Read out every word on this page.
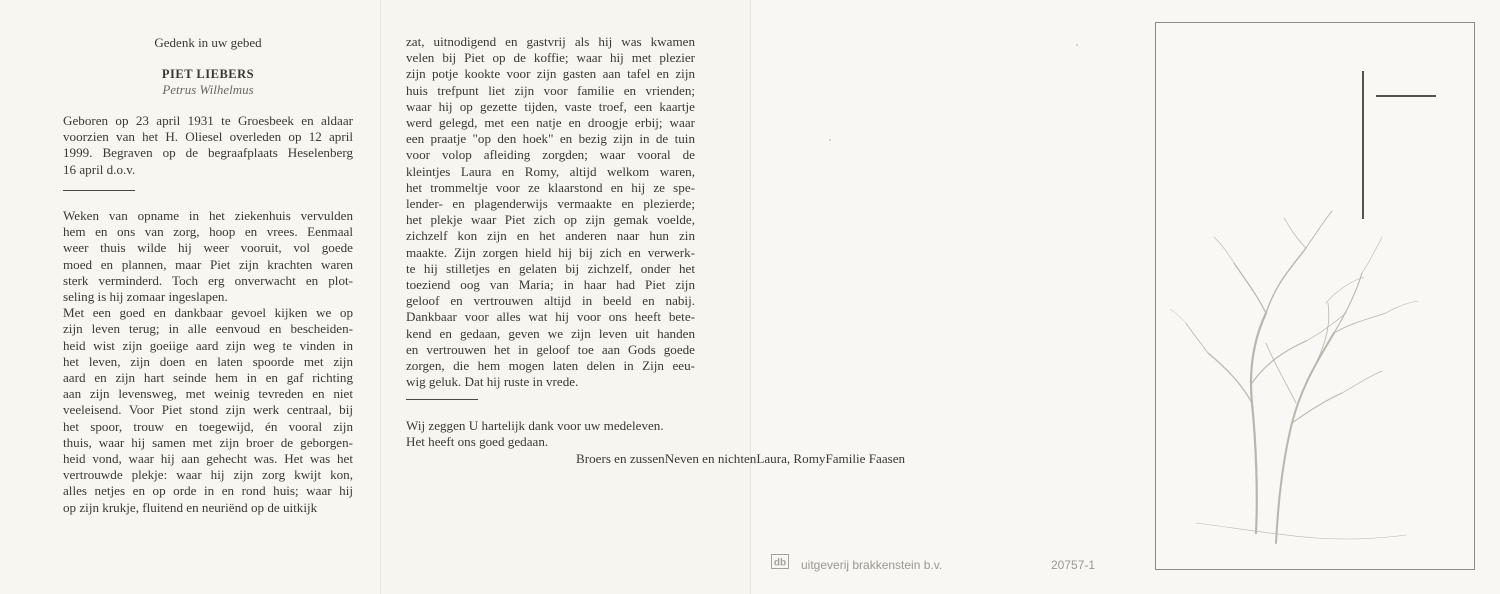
Gedenk in uw gebed
PIET LIEBERS
Petrus Wilhelmus
Geboren op 23 april 1931 te Groesbeek en aldaar
voorzien van het H. Oliesel overleden op 12 april
1999. Begraven op de begraafplaats Heselenberg
16 april d.o.v.
Weken van opname in het ziekenhuis vervulden
hem en ons van zorg, hoop en vrees. Eenmaal
weer thuis wilde hij weer vooruit, vol goede
moed en plannen, maar Piet zijn krachten waren
sterk verminderd. Toch erg onverwacht en plot-
seling is hij zomaar ingeslapen.
Met een goed en dankbaar gevoel kijken we op
zijn leven terug; in alle eenvoud en bescheiden-
heid wist zijn goeiige aard zijn weg te vinden in
het leven, zijn doen en laten spoorde met zijn
aard en zijn hart seinde hem in en gaf richting
aan zijn levensweg, met weinig tevreden en niet
veeleisend. Voor Piet stond zijn werk centraal, bij
het spoor, trouw en toegewijd, én vooral zijn
thuis, waar hij samen met zijn broer de geborgen-
heid vond, waar hij aan gehecht was. Het was het
vertrouwde plekje: waar hij zijn zorg kwijt kon,
alles netjes en op orde in en rond huis; waar hij
op zijn krukje, fluitend en neuriënd op de uitkijk
zat, uitnodigend en gastvrij als hij was kwamen
velen bij Piet op de koffie; waar hij met plezier
zijn potje kookte voor zijn gasten aan tafel en zijn
huis trefpunt liet zijn voor familie en vrienden;
waar hij op gezette tijden, vaste troef, een kaartje
werd gelegd, met een natje en droogje erbij; waar
een praatje "op den hoek" en bezig zijn in de tuin
voor volop afleiding zorgden; waar vooral de
kleintjes Laura en Romy, altijd welkom waren,
het trommeltje voor ze klaarstond en hij ze spe-
lender- en plagenderwijs vermaakte en plezierde;
het plekje waar Piet zich op zijn gemak voelde,
zichzelf kon zijn en het anderen naar hun zin
maakte. Zijn zorgen hield hij bij zich en verwerk-
te hij stilletjes en gelaten bij zichzelf, onder het
toeziend oog van Maria; in haar had Piet zijn
geloof en vertrouwen altijd in beeld en nabij.
Dankbaar voor alles wat hij voor ons heeft bete-
kend en gedaan, geven we zijn leven uit handen
en vertrouwen het in geloof toe aan Gods goede
zorgen, die hem mogen laten delen in Zijn eeu-
wig geluk. Dat hij ruste in vrede.
Wij zeggen U hartelijk dank voor uw medeleven.
Het heeft ons goed gedaan.
Broers en zussenNeven en nichtenLaura, RomyFamilie Faasen
db uitgeverij brakkenstein b.v.	20757-1
